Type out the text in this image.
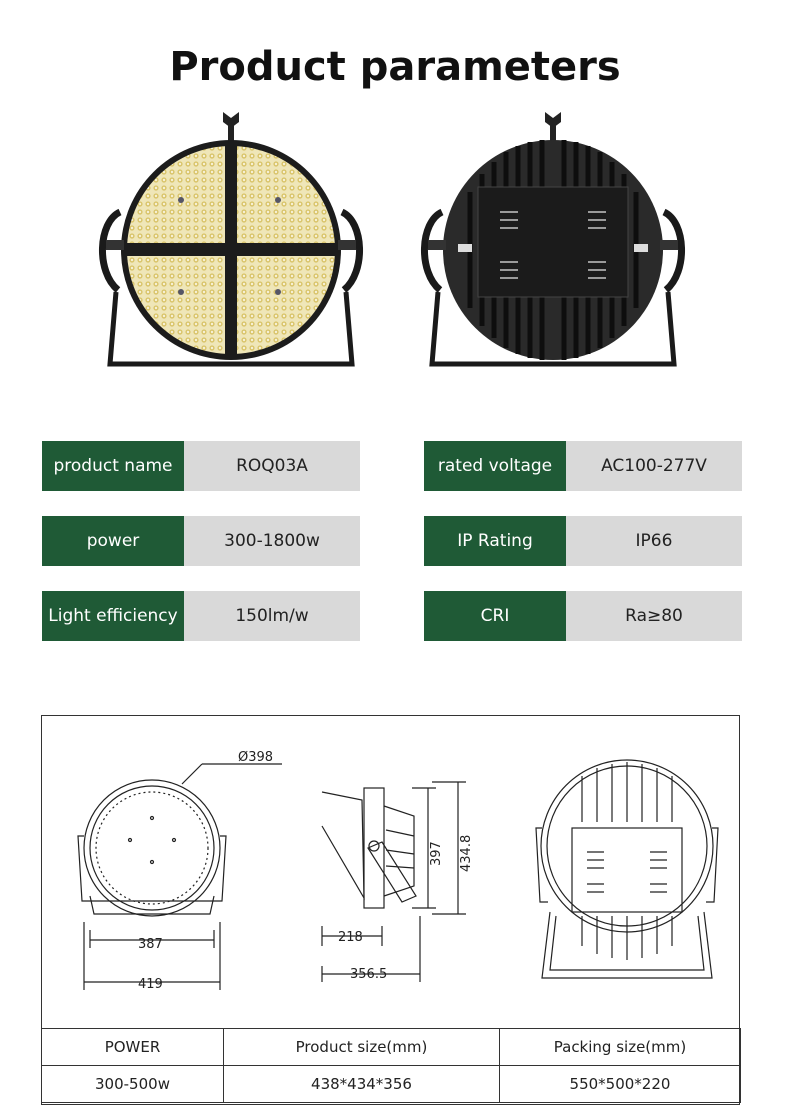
Product parameters
product name	ROQ03A	rated voltage	AC100-277V
power	300-1800w	IP Rating	IP66
Light efficiency	150lm/w	CRI	Ra≥80
Ø398
387
419
397 434.8
218
356.5
POWER	Product size(mm)	Packing size(mm)
300-500w	438*434*356	550*500*220
